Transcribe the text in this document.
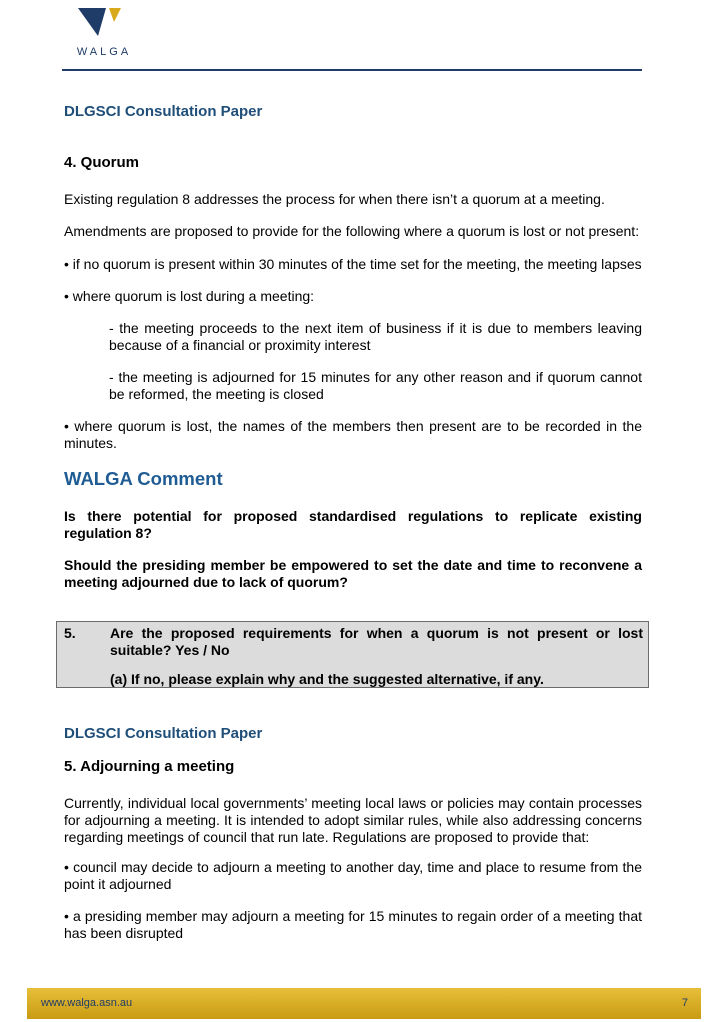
WALGA
DLGSCI Consultation Paper
4. Quorum
Existing regulation 8 addresses the process for when there isn’t a quorum at a meeting.
Amendments are proposed to provide for the following where a quorum is lost or not present:
• if no quorum is present within 30 minutes of the time set for the meeting, the meeting lapses
• where quorum is lost during a meeting:
- the meeting proceeds to the next item of business if it is due to members leaving because of a financial or proximity interest
- the meeting is adjourned for 15 minutes for any other reason and if quorum cannot be reformed, the meeting is closed
• where quorum is lost, the names of the members then present are to be recorded in the minutes.
WALGA Comment
Is there potential for proposed standardised regulations to replicate existing regulation 8?
Should the presiding member be empowered to set the date and time to reconvene a meeting adjourned due to lack of quorum?
DLGSCI Consultation Paper
5. Adjourning a meeting
Currently, individual local governments’ meeting local laws or policies may contain processes for adjourning a meeting. It is intended to adopt similar rules, while also addressing concerns regarding meetings of council that run late. Regulations are proposed to provide that:
• council may decide to adjourn a meeting to another day, time and place to resume from the point it adjourned
• a presiding member may adjourn a meeting for 15 minutes to regain order of a meeting that has been disrupted
5. Are the proposed requirements for when a quorum is not present or lost suitable? Yes / No
(a) If no, please explain why and the suggested alternative, if any.
www.walga.asn.au	7
